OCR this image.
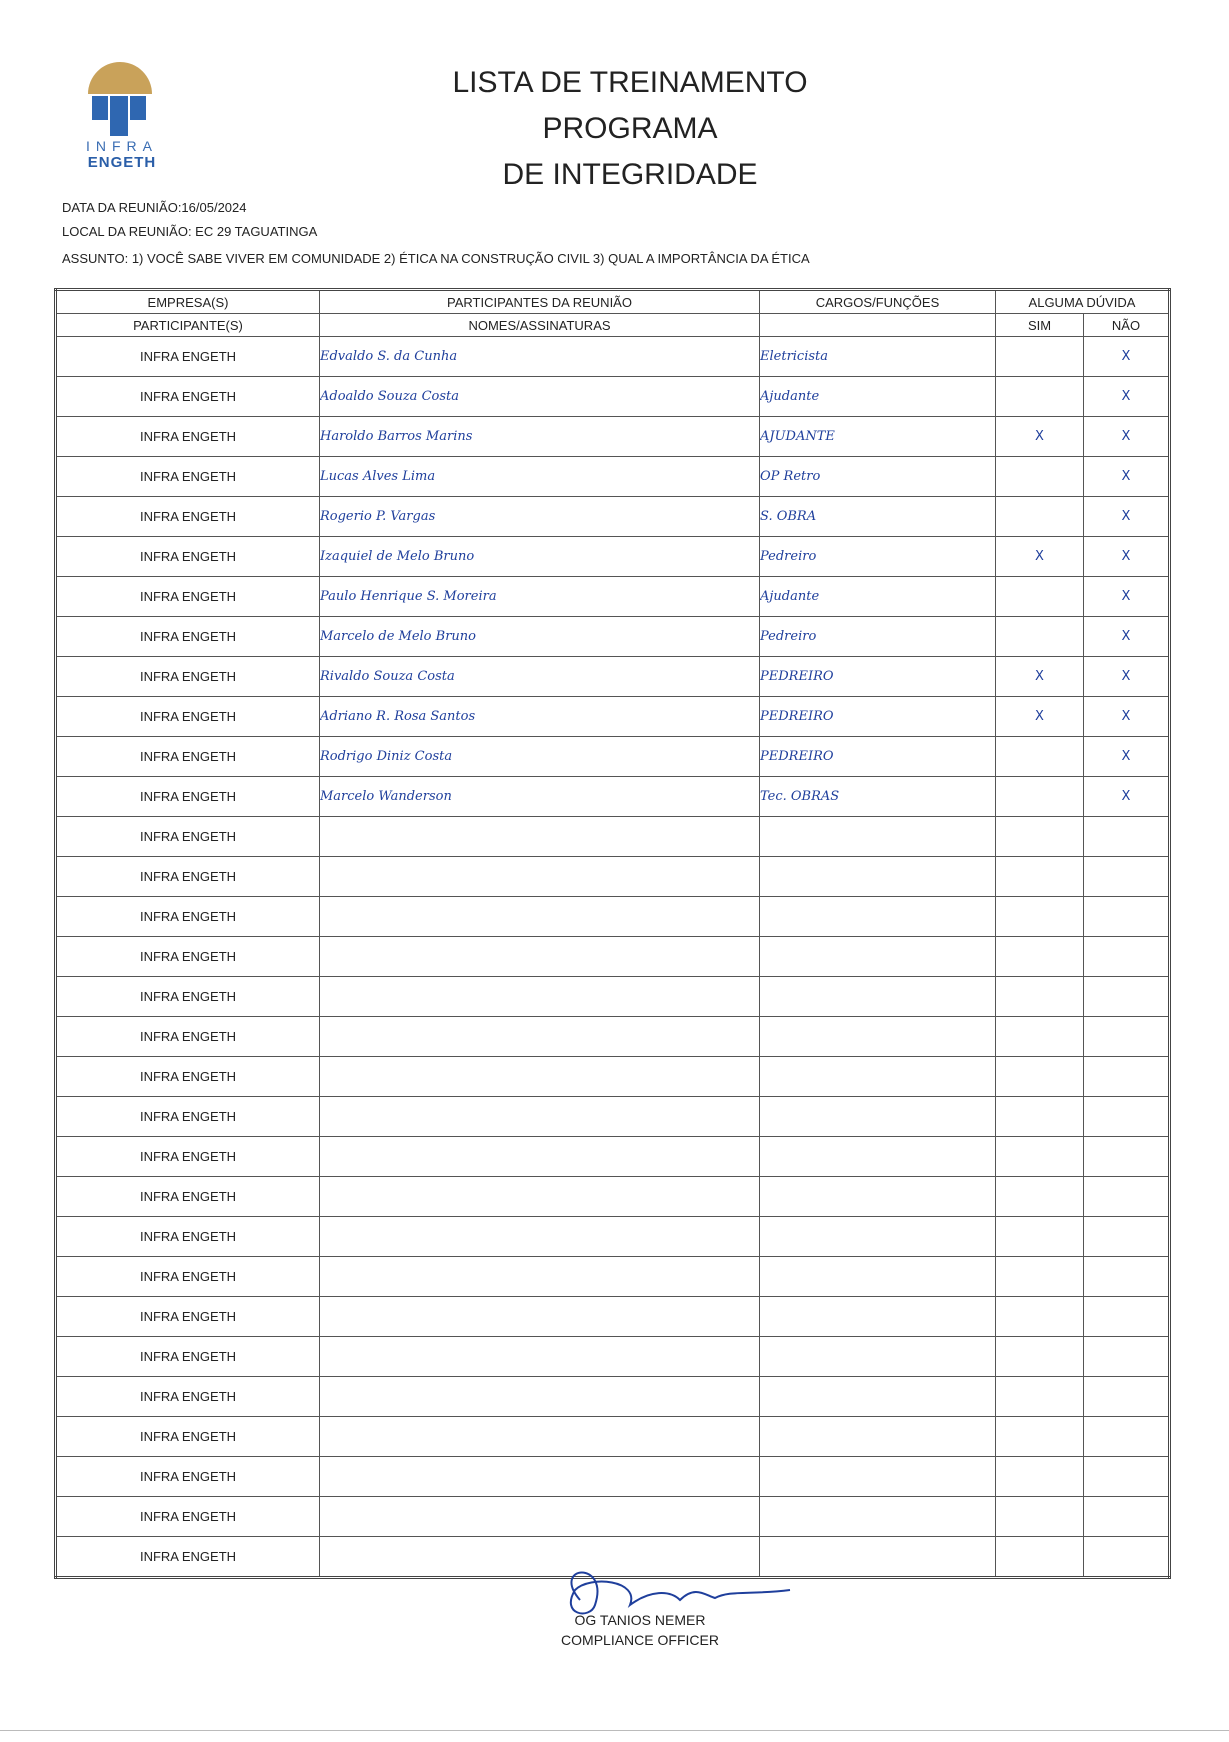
INFRA
ENGETH
LISTA DE TREINAMENTO
PROGRAMA
DE INTEGRIDADE
DATA DA REUNIÃO:16/05/2024
LOCAL DA REUNIÃO: EC 29 TAGUATINGA
ASSUNTO: 1) VOCÊ SABE VIVER EM COMUNIDADE 2) ÉTICA NA CONSTRUÇÃO CIVIL 3) QUAL A IMPORTÂNCIA DA ÉTICA
EMPRESA(S)	PARTICIPANTES DA REUNIÃO	CARGOS/FUNÇÕES	ALGUMA DÚVIDA	
PARTICIPANTE(S)	NOMES/ASSINATURAS		SIM	NÃO
INFRA ENGETH	Edvaldo S. da Cunha	Eletricista		X
INFRA ENGETH	Adoaldo Souza Costa	Ajudante		X
INFRA ENGETH	Haroldo Barros Marins	AJUDANTE	X	X
INFRA ENGETH	Lucas Alves Lima	OP Retro		X
INFRA ENGETH	Rogerio P. Vargas	S. OBRA		X
INFRA ENGETH	Izaquiel de Melo Bruno	Pedreiro	X	X
INFRA ENGETH	Paulo Henrique S. Moreira	Ajudante		X
INFRA ENGETH	Marcelo de Melo Bruno	Pedreiro		X
INFRA ENGETH	Rivaldo Souza Costa	PEDREIRO	X	X
INFRA ENGETH	Adriano R. Rosa Santos	PEDREIRO	X	X
INFRA ENGETH	Rodrigo Diniz Costa	PEDREIRO		X
INFRA ENGETH	Marcelo Wanderson	Tec. OBRAS		X
INFRA ENGETH				
INFRA ENGETH				
INFRA ENGETH				
INFRA ENGETH				
INFRA ENGETH				
INFRA ENGETH				
INFRA ENGETH				
INFRA ENGETH				
INFRA ENGETH				
INFRA ENGETH				
INFRA ENGETH				
INFRA ENGETH				
INFRA ENGETH				
INFRA ENGETH				
INFRA ENGETH				
INFRA ENGETH				
INFRA ENGETH				
INFRA ENGETH				
INFRA ENGETH				
OG TANIOS NEMER
COMPLIANCE OFFICER
